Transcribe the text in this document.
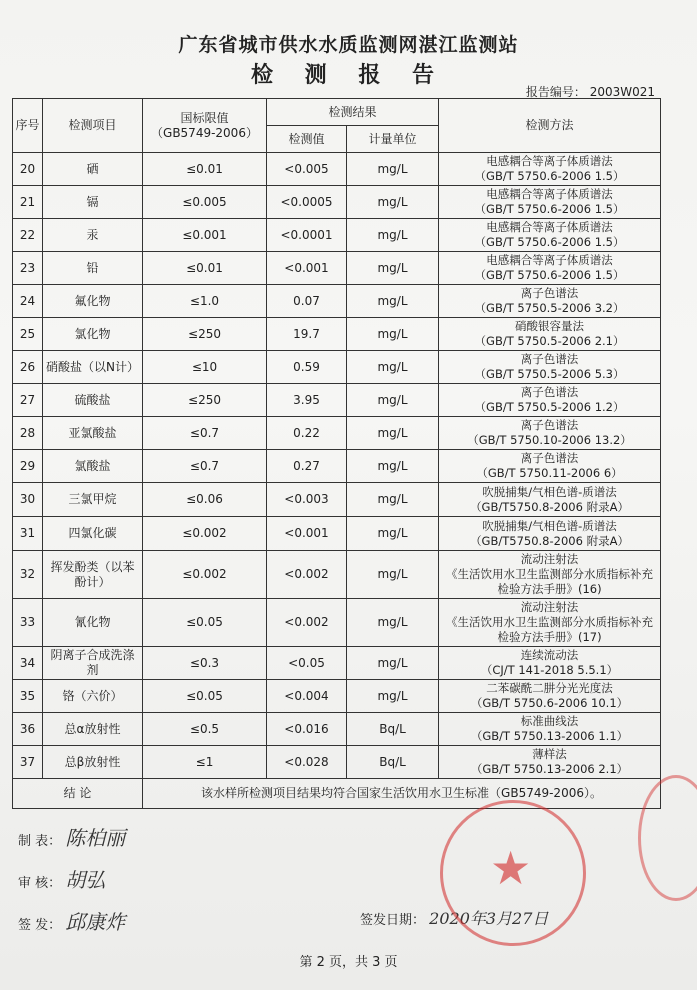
广东省城市供水水质监测网湛江监测站
检 测 报 告
报告编号： 2003W021
序号	检测项目	国标限值
（GB5749-2006）	检测结果		检测方法
			检测值	计量单位	
20	硒	≤0.01	<0.005	mg/L	电感耦合等离子体质谱法
（GB/T 5750.6-2006 1.5）

21	镉	≤0.005	<0.0005	mg/L	电感耦合等离子体质谱法
（GB/T 5750.6-2006 1.5）

22	汞	≤0.001	<0.0001	mg/L	电感耦合等离子体质谱法
（GB/T 5750.6-2006 1.5）

23	铅	≤0.01	<0.001	mg/L	电感耦合等离子体质谱法
（GB/T 5750.6-2006 1.5）

24	氟化物	≤1.0	0.07	mg/L	离子色谱法
（GB/T 5750.5-2006 3.2）

25	氯化物	≤250	19.7	mg/L	硝酸银容量法
（GB/T 5750.5-2006 2.1）

26	硝酸盐（以N计）	≤10	0.59	mg/L	离子色谱法
（GB/T 5750.5-2006 5.3）

27	硫酸盐	≤250	3.95	mg/L	离子色谱法
（GB/T 5750.5-2006 1.2）

28	亚氯酸盐	≤0.7	0.22	mg/L	离子色谱法
（GB/T 5750.10-2006 13.2）

29	氯酸盐	≤0.7	0.27	mg/L	离子色谱法
（GB/T 5750.11-2006 6）

30	三氯甲烷	≤0.06	<0.003	mg/L	吹脱捕集/气相色谱-质谱法
（GB/T5750.8-2006 附录A）

31	四氯化碳	≤0.002	<0.001	mg/L	吹脱捕集/气相色谱-质谱法
（GB/T5750.8-2006 附录A）

32	挥发酚类（以苯酚计）	≤0.002	<0.002	mg/L	流动注射法
《生活饮用水卫生监测部分水质指标补充检验方法手册》(16)

33	氰化物	≤0.05	<0.002	mg/L	流动注射法
《生活饮用水卫生监测部分水质指标补充检验方法手册》(17)

34	阴离子合成洗涤剂	≤0.3	<0.05	mg/L	连续流动法
（CJ/T 141-2018 5.5.1）

35	铬（六价）	≤0.05	<0.004	mg/L	二苯碳酰二肼分光光度法
（GB/T 5750.6-2006 10.1）

36	总α放射性	≤0.5	<0.016	Bq/L	标准曲线法
（GB/T 5750.13-2006 1.1）

37	总β放射性	≤1	<0.028	Bq/L	薄样法
（GB/T 5750.13-2006 2.1）

结 论		该水样所检测项目结果均符合国家生活饮用水卫生标准（GB5749-2006）。			
制 表： 陈柏丽
审 核： 胡弘
签 发： 邱康炸	签发日期： 2020年3月27日
★
第 2 页，共 3 页
